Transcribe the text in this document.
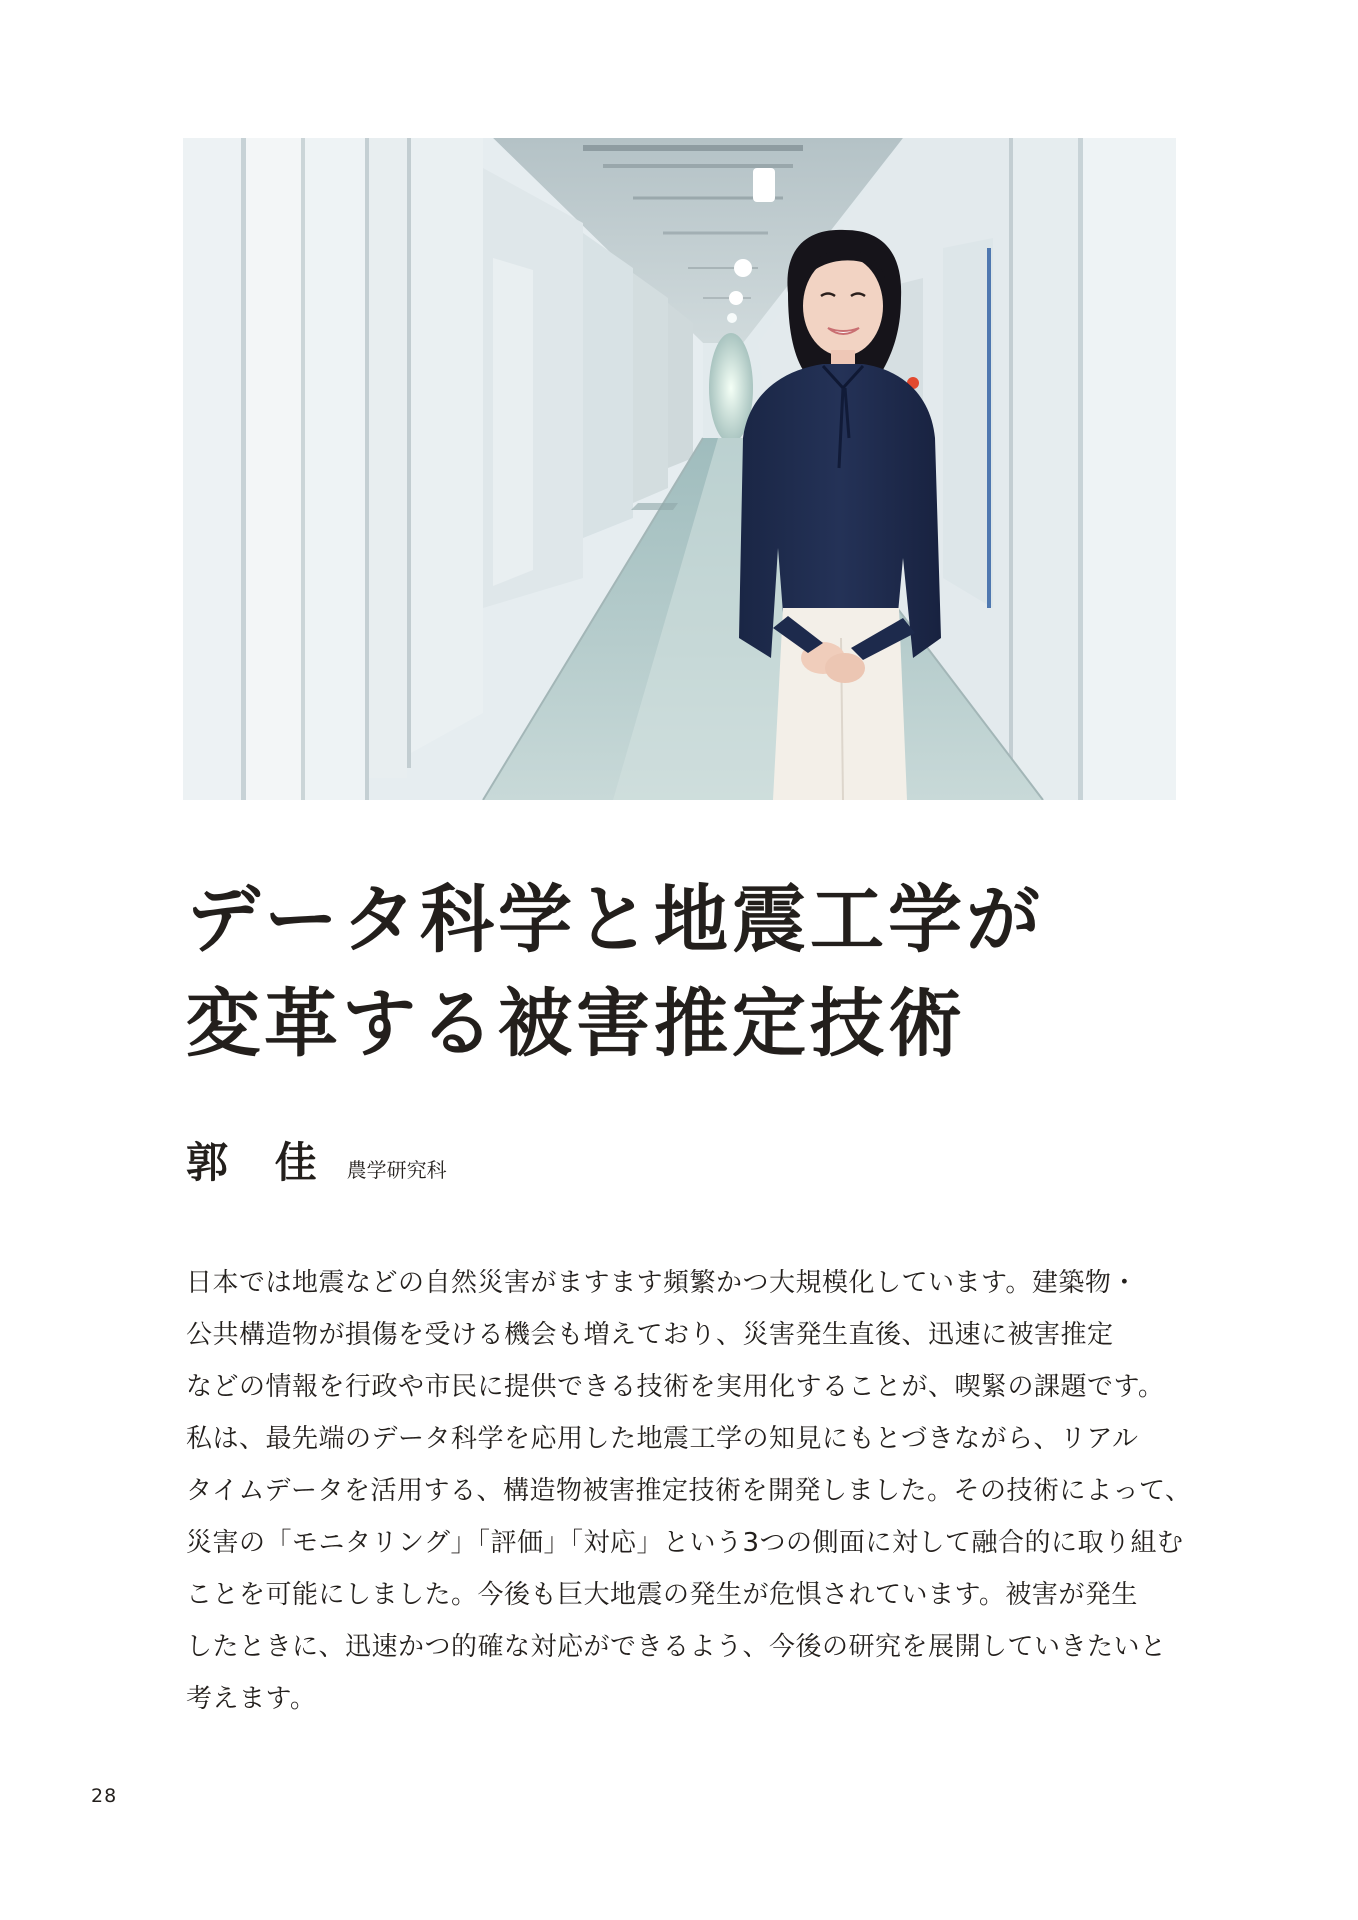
データ科学と地震工学が
変革する被害推定技術
郭 佳 農学研究科

日本では地震などの自然災害がますます頻繁かつ大規模化しています。建築物・
公共構造物が損傷を受ける機会も増えており、災害発生直後、迅速に被害推定
などの情報を行政や市民に提供できる技術を実用化することが、喫緊の課題です。
私は、最先端のデータ科学を応用した地震工学の知見にもとづきながら、リアル
タイムデータを活用する、構造物被害推定技術を開発しました。その技術によって、
災害の「モニタリング」「評価」「対応」という3つの側面に対して融合的に取り組む
ことを可能にしました。今後も巨大地震の発生が危惧されています。被害が発生
したときに、迅速かつ的確な対応ができるよう、今後の研究を展開していきたいと
考えます。

28
